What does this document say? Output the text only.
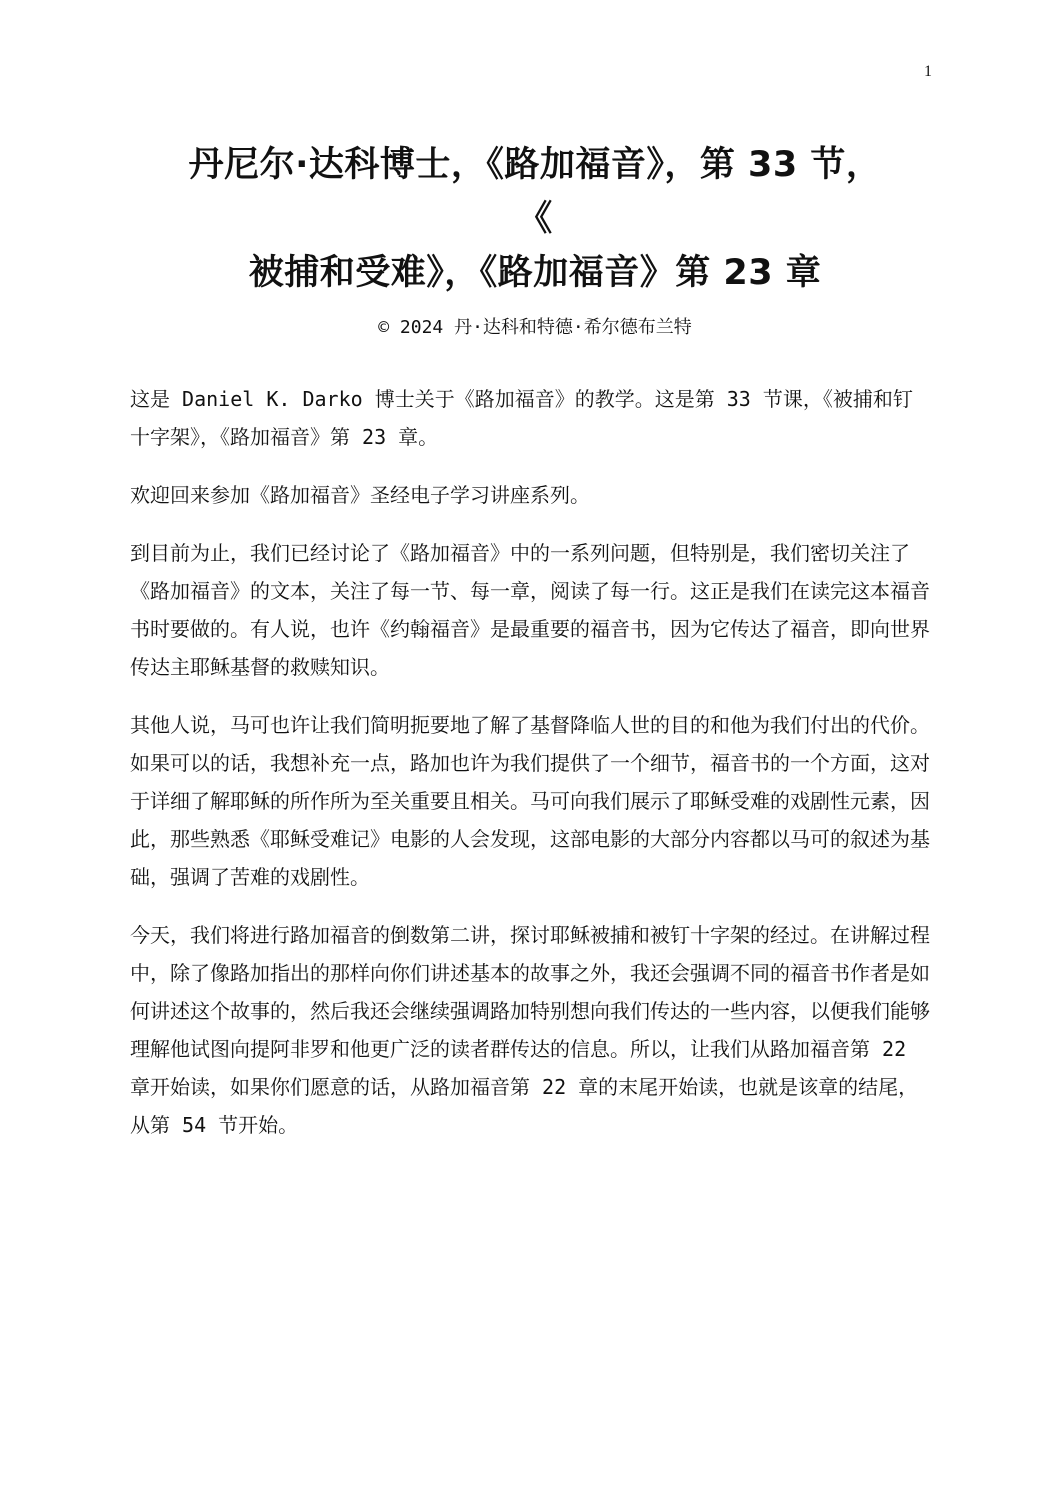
1
丹尼尔·达科博士，《路加福音》，第 33 节，
《
被捕和受难》，《路加福音》第 23 章
© 2024 丹·达科和特德·希尔德布兰特

这是 Daniel K. Darko 博士关于《路加福音》的教学。这是第 33 节课，《被捕和钉十字架》，《路加福音》第 23 章。

欢迎回来参加《路加福音》圣经电子学习讲座系列。

到目前为止，我们已经讨论了《路加福音》中的一系列问题，但特别是，我们密切关注了《路加福音》的文本，关注了每一节、每一章，阅读了每一行。这正是我们在读完这本福音书时要做的。有人说，也许《约翰福音》是最重要的福音书，因为它传达了福音，即向世界传达主耶稣基督的救赎知识。

其他人说，马可也许让我们简明扼要地了解了基督降临人世的目的和他为我们付出的代价。如果可以的话，我想补充一点，路加也许为我们提供了一个细节，福音书的一个方面，这对于详细了解耶稣的所作所为至关重要且相关。马可向我们展示了耶稣受难的戏剧性元素，因此，那些熟悉《耶稣受难记》电影的人会发现，这部电影的大部分内容都以马可的叙述为基础，强调了苦难的戏剧性。

今天，我们将进行路加福音的倒数第二讲，探讨耶稣被捕和被钉十字架的经过。在讲解过程中，除了像路加指出的那样向你们讲述基本的故事之外，我还会强调不同的福音书作者是如何讲述这个故事的，然后我还会继续强调路加特别想向我们传达的一些内容，以便我们能够理解他试图向提阿非罗和他更广泛的读者群传达的信息。所以，让我们从路加福音第 22 章开始读，如果你们愿意的话，从路加福音第 22 章的末尾开始读，也就是该章的结尾，从第 54 节开始。
